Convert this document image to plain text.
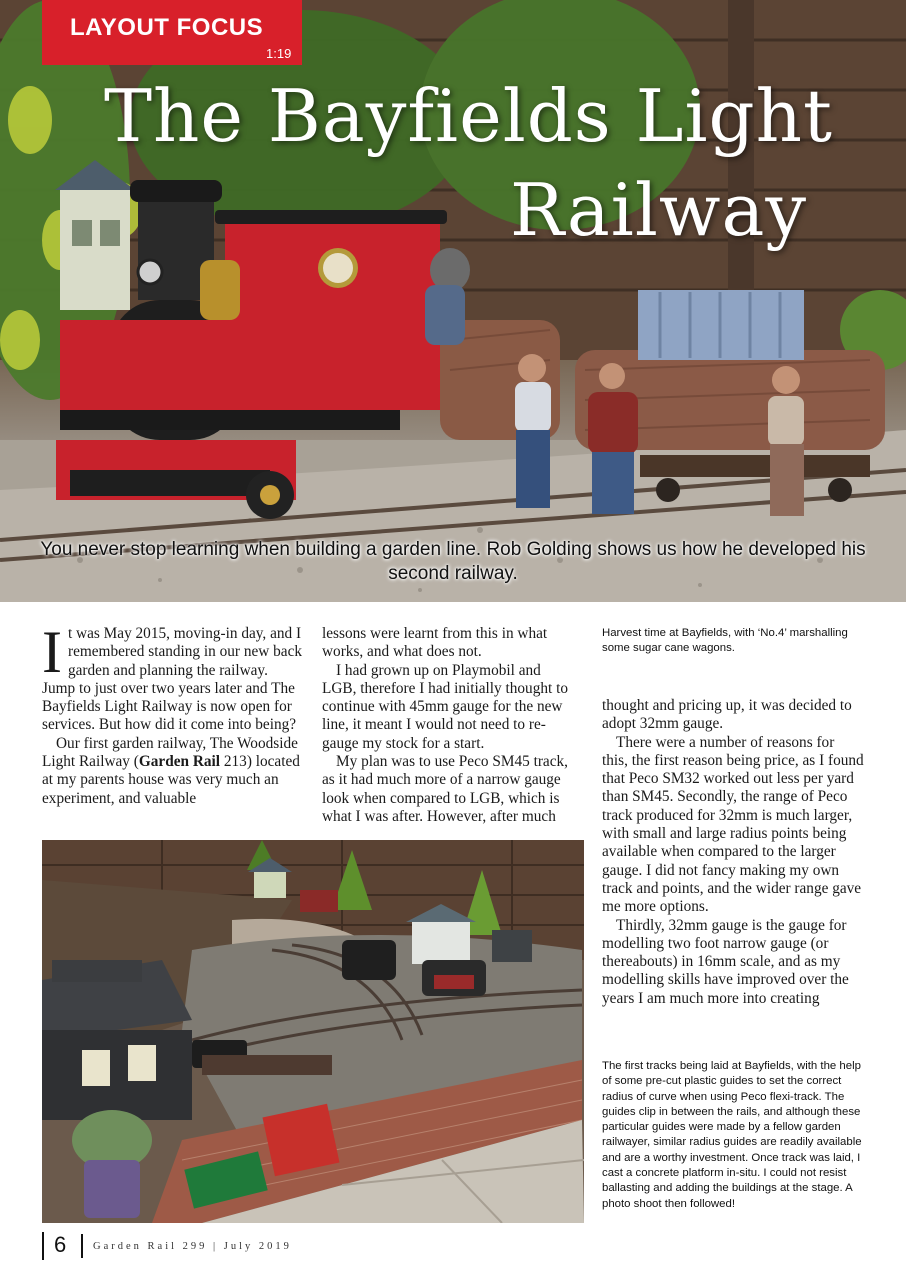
LAYOUT FOCUS
1:19
The Bayfields Light
Railway
You never stop learning when building a garden line. Rob Golding shows us how he developed his second railway.

It was May 2015, moving-in day, and I remembered standing in our new back garden and planning the railway. Jump to just over two years later and The Bayfields Light Railway is now open for services. But how did it come into being?

Our first garden railway, The Woodside Light Railway (Garden Rail 213) located at my parents house was very much an experiment, and valuable

lessons were learnt from this in what works, and what does not.

I had grown up on Playmobil and LGB, therefore I had initially thought to continue with 45mm gauge for the new line, it meant I would not need to re-gauge my stock for a start.

My plan was to use Peco SM45 track, as it had much more of a narrow gauge look when compared to LGB, which is what I was after. However, after much

Harvest time at Bayfields, with ‘No.4’ marshalling some sugar cane wagons.

thought and pricing up, it was decided to adopt 32mm gauge.

There were a number of reasons for this, the first reason being price, as I found that Peco SM32 worked out less per yard than SM45. Secondly, the range of Peco track produced for 32mm is much larger, with small and large radius points being available when compared to the larger gauge. I did not fancy making my own track and points, and the wider range gave me more options.

Thirdly, 32mm gauge is the gauge for modelling two foot narrow gauge (or thereabouts) in 16mm scale, and as my modelling skills have improved over the years I am much more into creating

The first tracks being laid at Bayfields, with the help of some pre-cut plastic guides to set the correct radius of curve when using Peco flexi-track. The guides clip in between the rails, and although these particular guides were made by a fellow garden railwayer, similar radius guides are readily available and are a worthy investment. Once track was laid, I cast a concrete platform in-situ. I could not resist ballasting and adding the buildings at the stage. A photo shoot then followed!
6	Garden Rail 299 | July 2019
